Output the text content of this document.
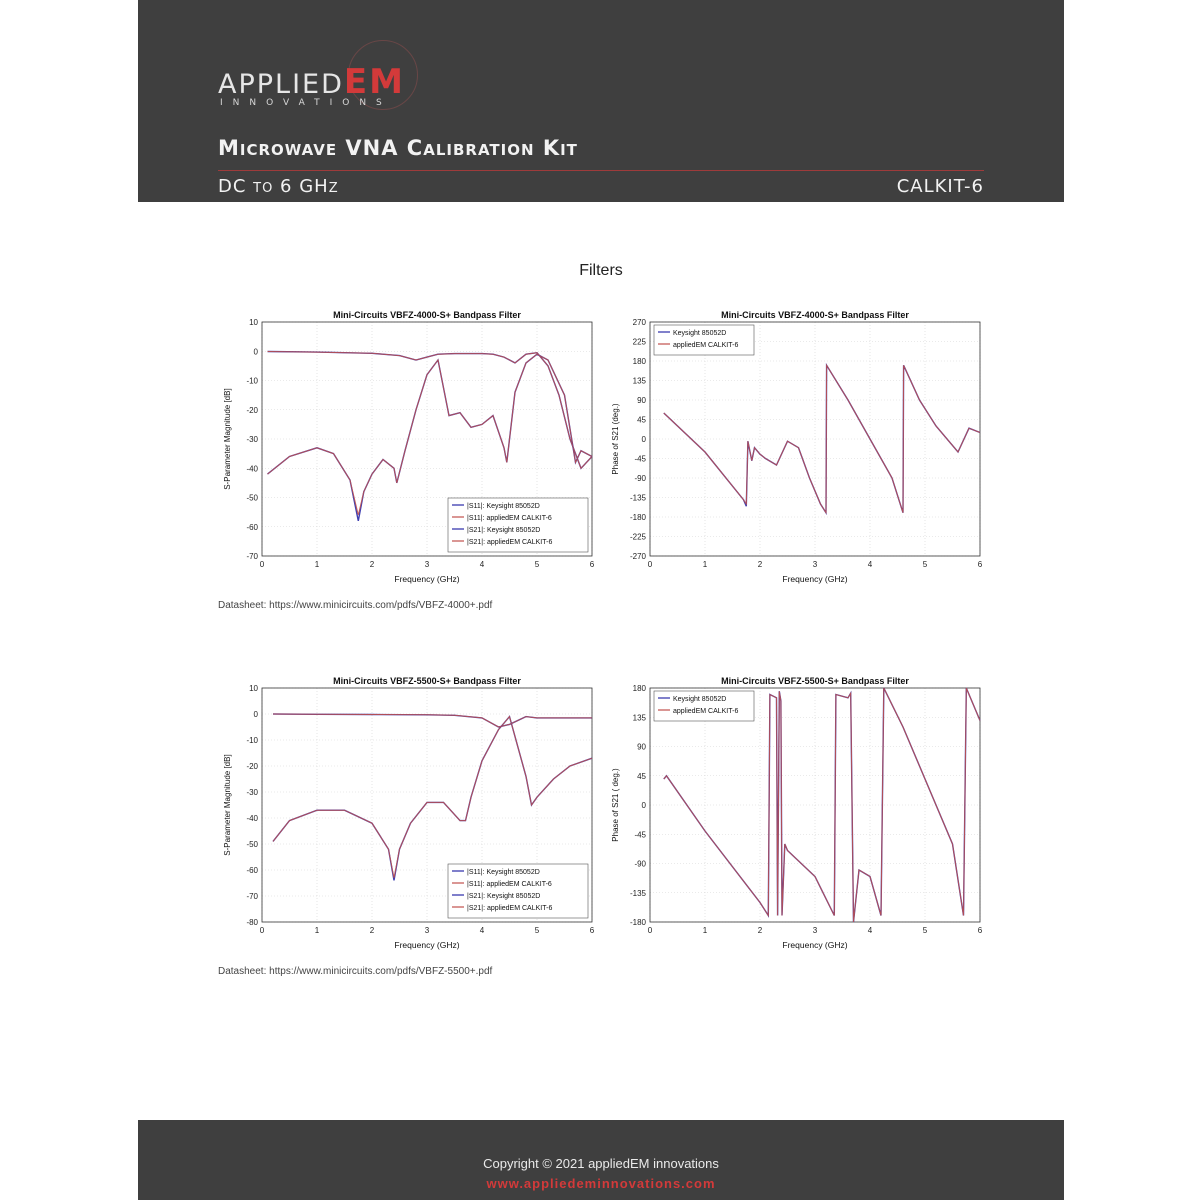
APPLIEDEM
INNOVATIONS
Microwave VNA Calibration Kit
DC to 6 GHz	CALKIT-6
Filters
0	1	2	3	4	5	6
10
0
-10
-20
-30
-40
-50
-60
-70
Mini-Circuits VBFZ-4000-S+ Bandpass Filter
Frequency (GHz)
S-Parameter Magnitude [dB]
|S11|: Keysight 85052D
|S11|: appliedEM CALKIT-6
|S21|: Keysight 85052D
|S21|: appliedEM CALKIT-6
0	1	2	3	4	5	6
270
225
180
135
90
45
0
-45
-90
-135
-180
-225
-270
Mini-Circuits VBFZ-4000-S+ Bandpass Filter
Frequency (GHz)
Phase of S21 (deg.)
Keysight 85052D
appliedEM CALKIT-6
Datasheet: https://www.minicircuits.com/pdfs/VBFZ-4000+.pdf
0	1	2	3	4	5	6
10
0
-10
-20
-30
-40
-50
-60
-70
-80
Mini-Circuits VBFZ-5500-S+ Bandpass Filter
Frequency (GHz)
S-Parameter Magnitude [dB]
|S11|: Keysight 85052D
|S11|: appliedEM CALKIT-6
|S21|: Keysight 85052D
|S21|: appliedEM CALKIT-6
0	1	2	3	4	5	6
180
135
90
45
0
-45
-90
-135
-180
Mini-Circuits VBFZ-5500-S+ Bandpass Filter
Frequency (GHz)
Phase of S21 ( deg.)
Keysight 85052D
appliedEM CALKIT-6
Datasheet: https://www.minicircuits.com/pdfs/VBFZ-5500+.pdf
Copyright © 2021 appliedEM innovations
www.appliedeminnovations.com
